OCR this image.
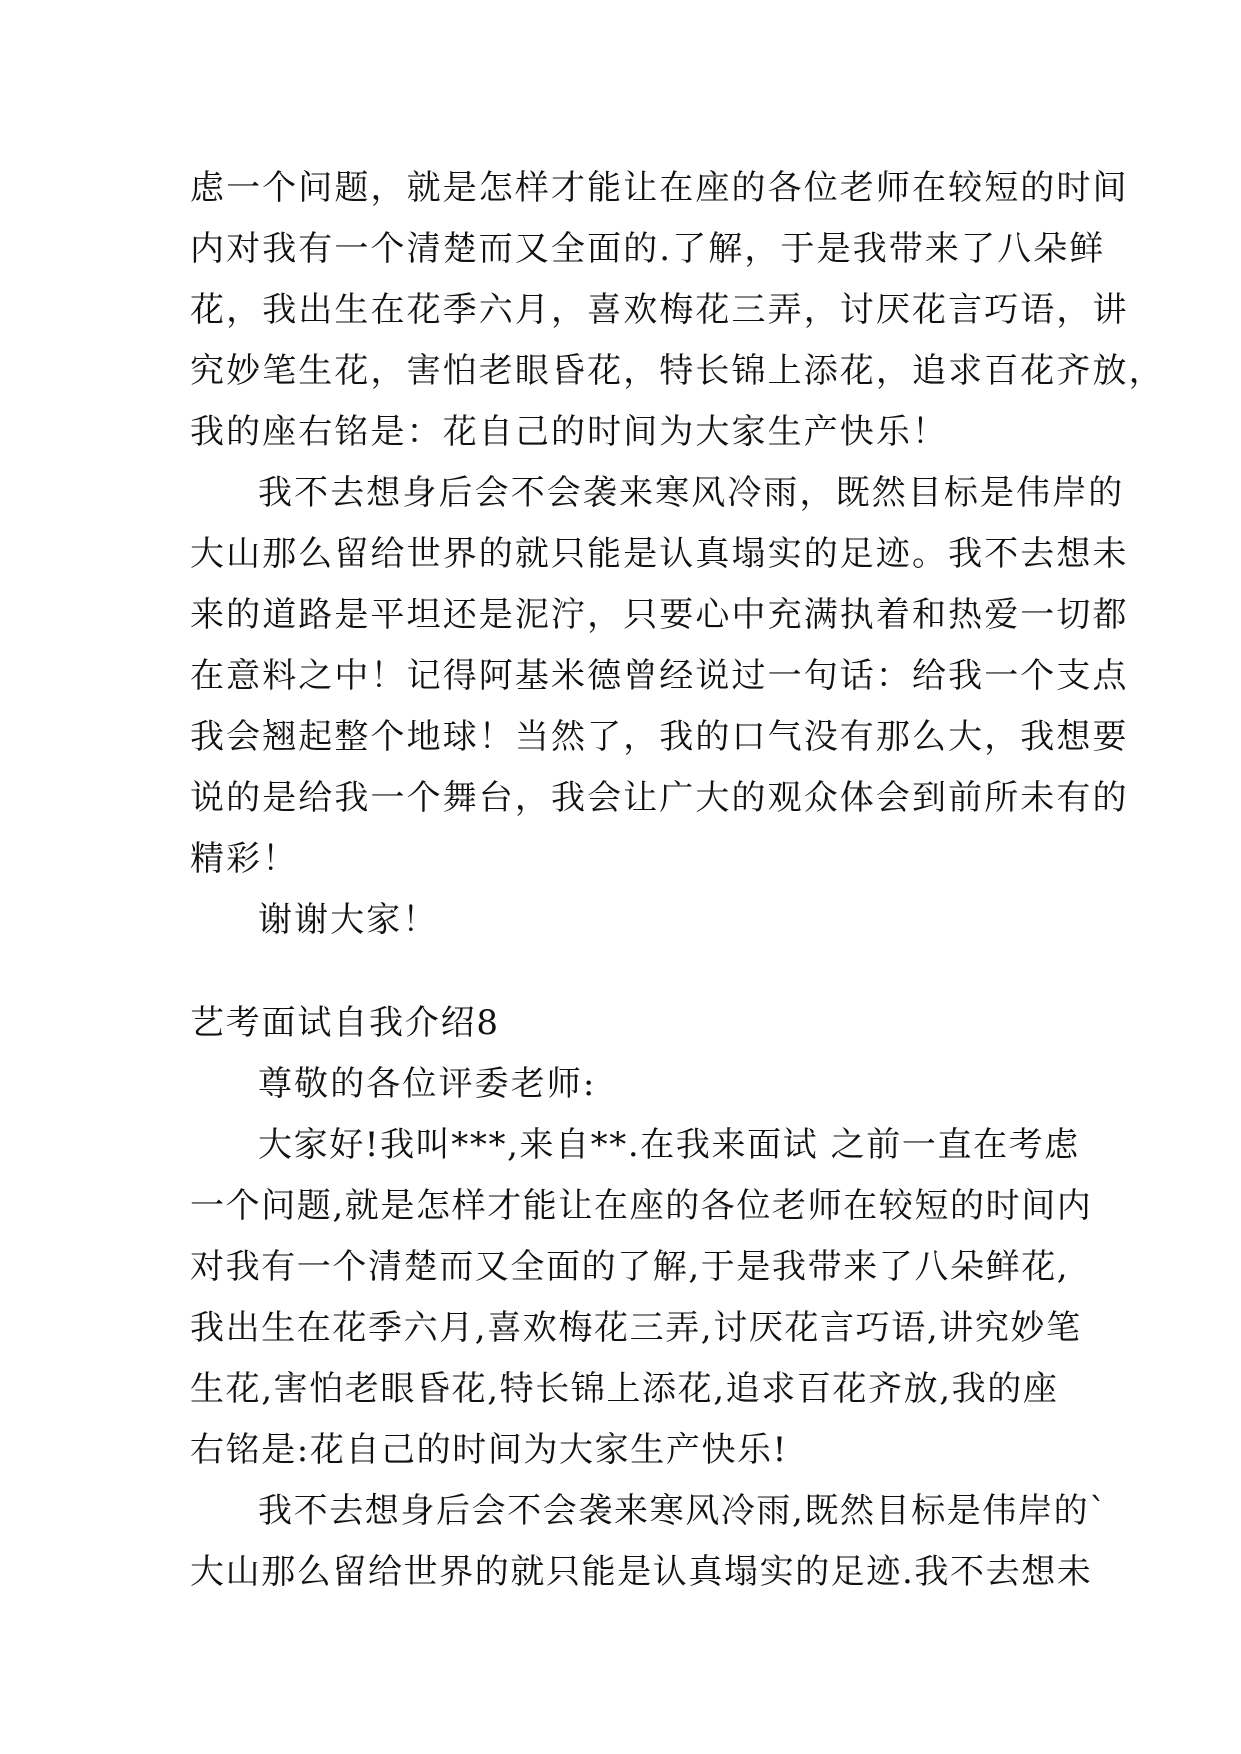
虑一个问题，就是怎样才能让在座的各位老师在较短的时间
内对我有一个清楚而又全面的.了解，于是我带来了八朵鲜
花，我出生在花季六月，喜欢梅花三弄，讨厌花言巧语，讲
究妙笔生花，害怕老眼昏花，特长锦上添花，追求百花齐放，
我的座右铭是：花自己的时间为大家生产快乐！
我不去想身后会不会袭来寒风冷雨，既然目标是伟岸的
大山那么留给世界的就只能是认真塌实的足迹。我不去想未
来的道路是平坦还是泥泞，只要心中充满执着和热爱一切都
在意料之中！记得阿基米德曾经说过一句话：给我一个支点
我会翘起整个地球！当然了，我的口气没有那么大，我想要
说的是给我一个舞台，我会让广大的观众体会到前所未有的
精彩！
谢谢大家！
艺考面试自我介绍8
尊敬的各位评委老师:
大家好!我叫***,来自**.在我来面试 之前一直在考虑
一个问题,就是怎样才能让在座的各位老师在较短的时间内
对我有一个清楚而又全面的了解,于是我带来了八朵鲜花,
我出生在花季六月,喜欢梅花三弄,讨厌花言巧语,讲究妙笔
生花,害怕老眼昏花,特长锦上添花,追求百花齐放,我的座
右铭是:花自己的时间为大家生产快乐!
我不去想身后会不会袭来寒风冷雨,既然目标是伟岸的`
大山那么留给世界的就只能是认真塌实的足迹.我不去想未
